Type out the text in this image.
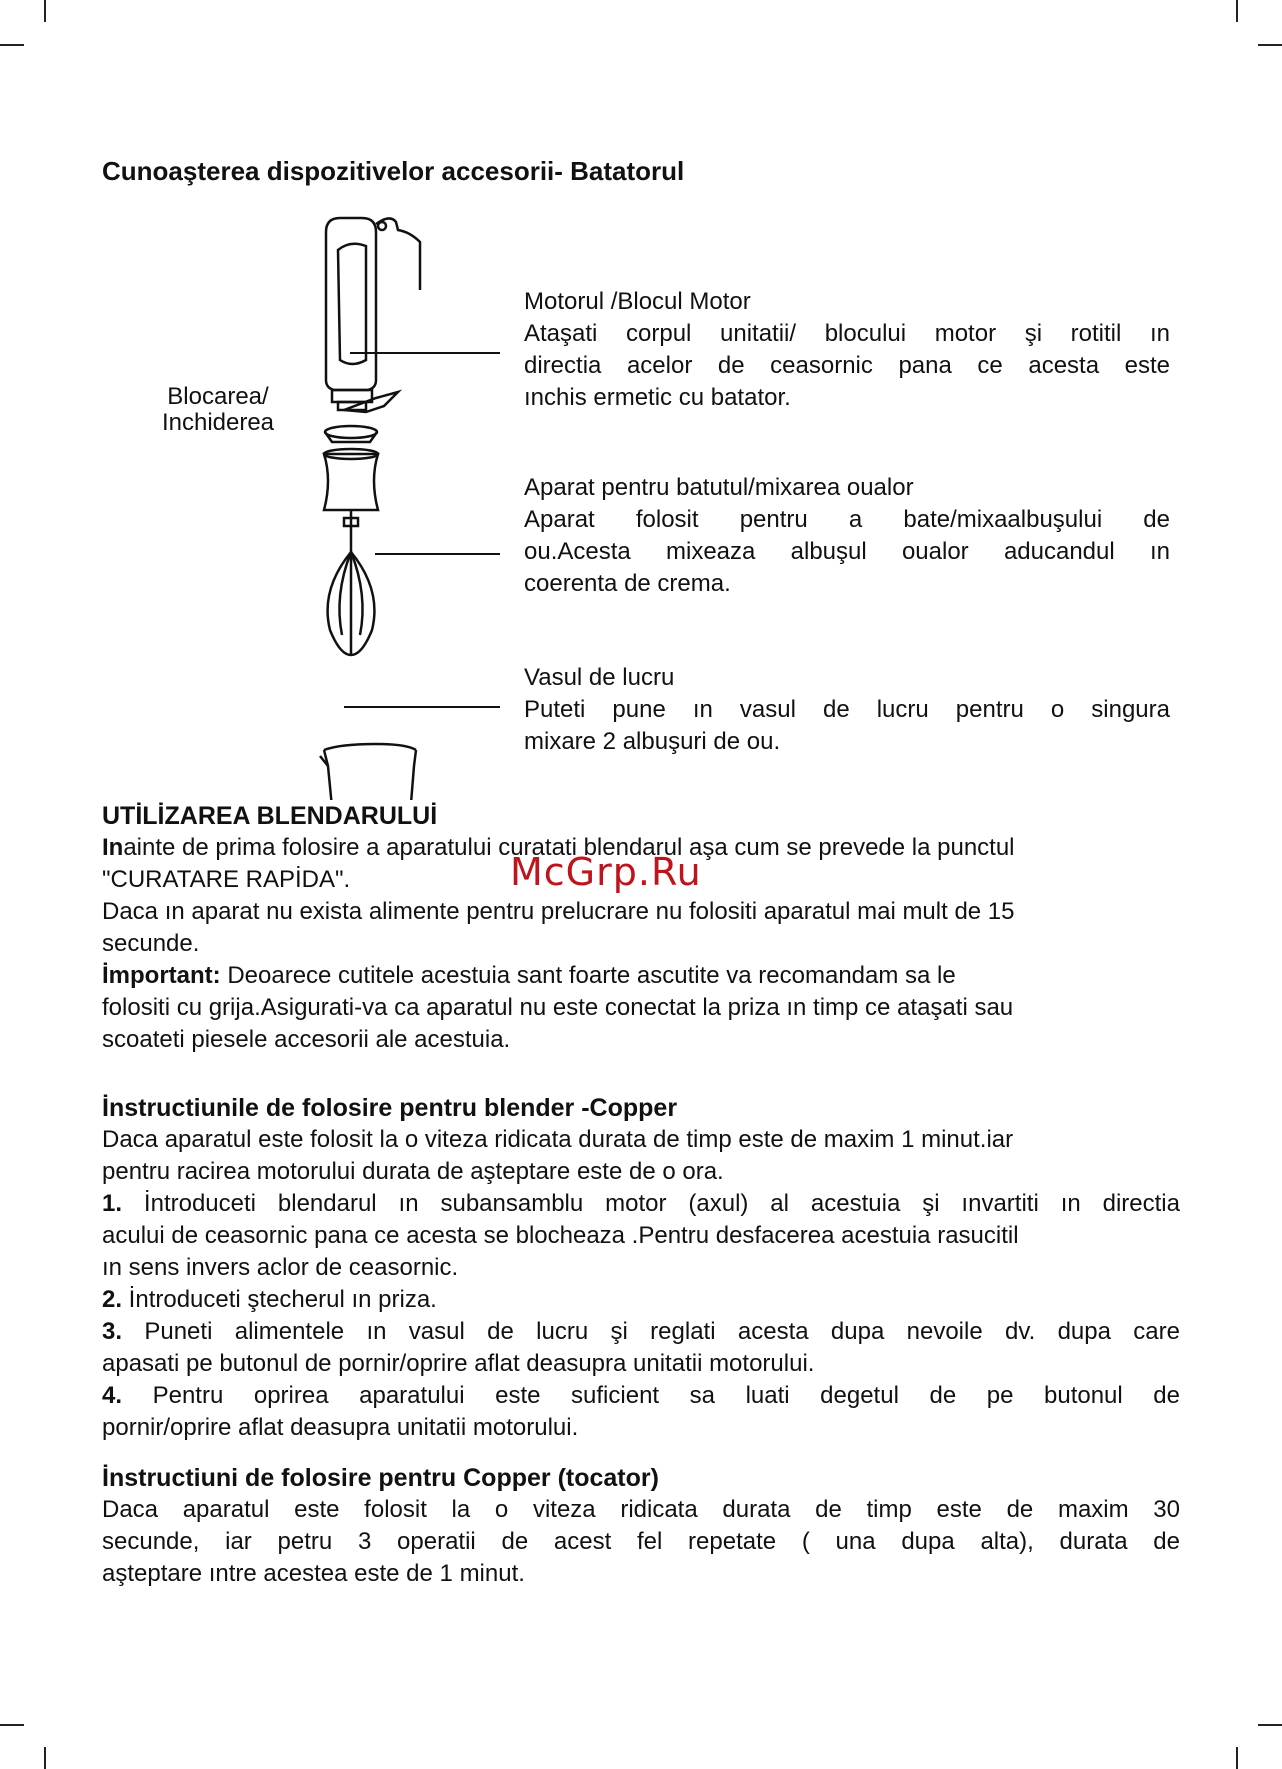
Cunoaşterea dispozitivelor accesorii- Batatorul
Blocarea/
Inchiderea
Motorul /Blocul Motor
Ataşati corpul unitatii/ blocului motor şi rotitil ın
directia acelor de ceasornic pana ce acesta este
ınchis ermetic cu batator.
Aparat pentru batutul/mixarea oualor
Aparat folosit pentru a bate/mixaalbuşului de
ou.Acesta mixeaza albuşul oualor aducandul ın
coerenta de crema.
Vasul de lucru
Puteti pune ın vasul de lucru pentru o singura
mixare 2 albuşuri de ou.
McGrp.Ru
UTİLİZAREA BLENDARULUİ
Inainte de prima folosire a aparatului curatati blendarul aşa cum se prevede la punctul
"CURATARE RAPİDA".
Daca ın aparat nu exista alimente pentru prelucrare nu folositi aparatul mai mult de 15
secunde.
İmportant: Deoarece cutitele acestuia sant foarte ascutite va recomandam sa le
folositi cu grija.Asigurati-va ca aparatul nu este conectat la priza ın timp ce ataşati sau
scoateti piesele accesorii ale acestuia.
İnstructiunile de folosire pentru blender -Copper
Daca aparatul este folosit la o viteza ridicata durata de timp este de maxim 1 minut.iar
pentru racirea motorului durata de aşteptare este de o ora.
1. İntroduceti blendarul ın subansamblu motor (axul) al acestuia şi ınvartiti ın directia
acului de ceasornic pana ce acesta se blocheaza .Pentru desfacerea acestuia rasucitil
ın sens invers aclor de ceasornic.
2. İntroduceti ştecherul ın priza.
3. Puneti alimentele ın vasul de lucru şi reglati acesta dupa nevoile dv. dupa care
apasati pe butonul de pornir/oprire aflat deasupra unitatii motorului.
4. Pentru oprirea aparatului este suficient sa luati degetul de pe butonul de
pornir/oprire aflat deasupra unitatii motorului.
İnstructiuni de folosire pentru Copper (tocator)
Daca aparatul este folosit la o viteza ridicata durata de timp este de maxim 30
secunde, iar petru 3 operatii de acest fel repetate ( una dupa alta), durata de
aşteptare ıntre acestea este de 1 minut.
